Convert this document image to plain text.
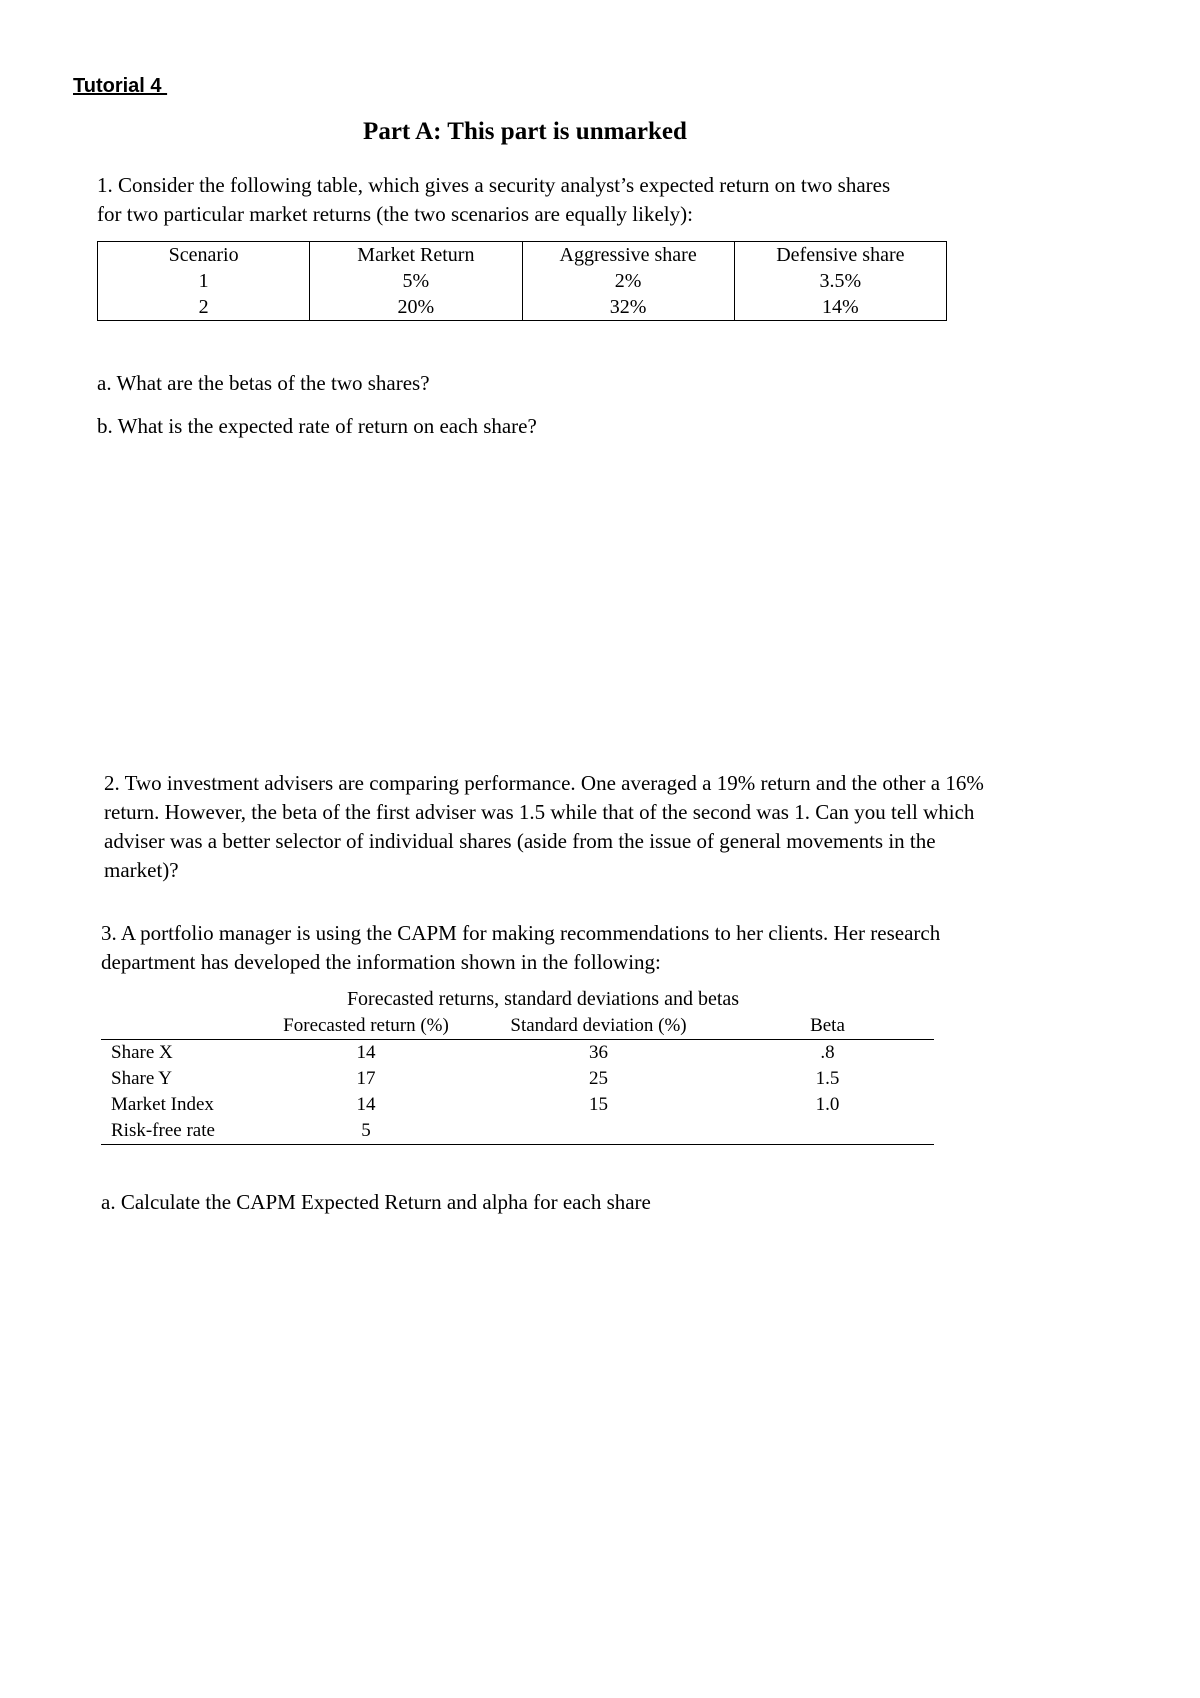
Tutorial 4
Part A: This part is unmarked
1. Consider the following table, which gives a security analyst’s expected return on two shares for two particular market returns (the two scenarios are equally likely):
Scenario	Market Return	Aggressive share	Defensive share
1	5%	2%	3.5%
2	20%	32%	14%
a. What are the betas of the two shares?
b. What is the expected rate of return on each share?
2. Two investment advisers are comparing performance. One averaged a 19% return and the other a 16% return. However, the beta of the first adviser was 1.5 while that of the second was 1. Can you tell which adviser was a better selector of individual shares (aside from the issue of general movements in the market)?
3. A portfolio manager is using the CAPM for making recommendations to her clients. Her research department has developed the information shown in the following:
Forecasted returns, standard deviations and betas
	Forecasted return (%)	Standard deviation (%)	Beta
Share X	14	36	.8
Share Y	17	25	1.5
Market Index	14	15	1.0
Risk-free rate	5		
a. Calculate the CAPM Expected Return and alpha for each share
